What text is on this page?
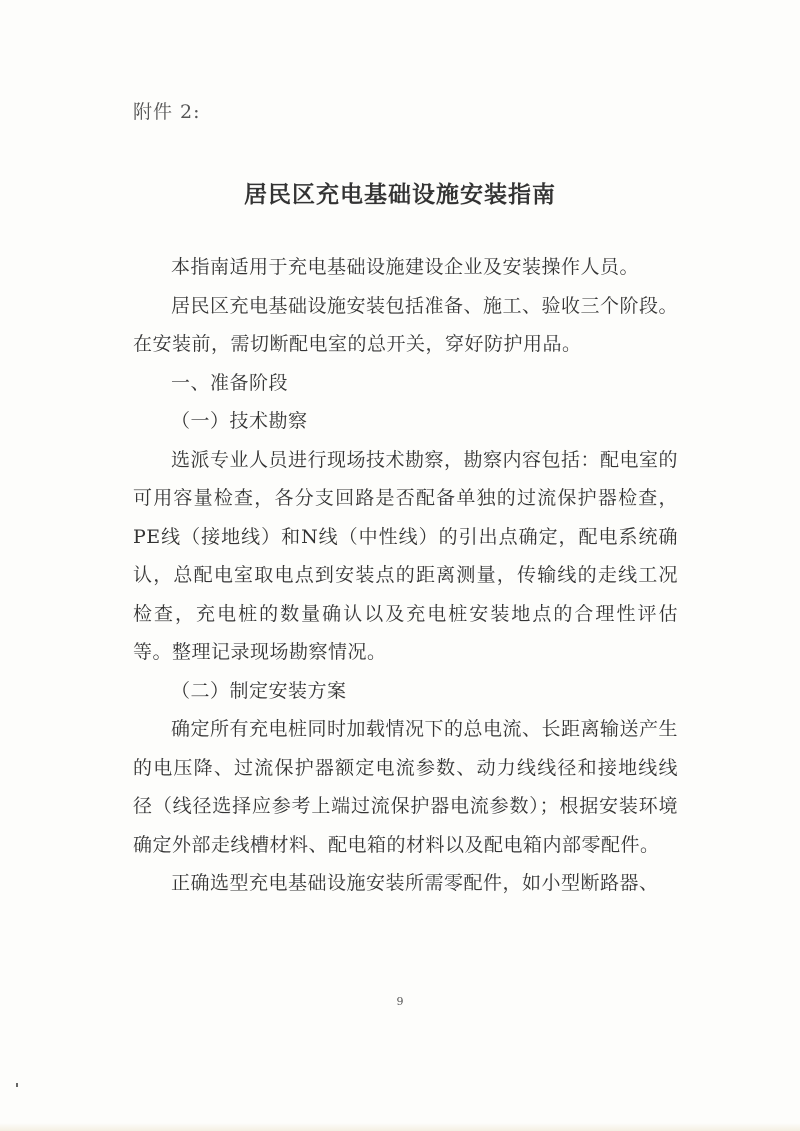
附件 2:
居民区充电基础设施安装指南

本指南适用于充电基础设施建设企业及安装操作人员。

居民区充电基础设施安装包括准备、施工、验收三个阶段。在安装前，需切断配电室的总开关，穿好防护用品。

一、准备阶段

（一）技术勘察

选派专业人员进行现场技术勘察，勘察内容包括：配电室的可用容量检查，各分支回路是否配备单独的过流保护器检查，PE线（接地线）和N线（中性线）的引出点确定，配电系统确认，总配电室取电点到安装点的距离测量，传输线的走线工况检查，充电桩的数量确认以及充电桩安装地点的合理性评估等。整理记录现场勘察情况。

（二）制定安装方案

确定所有充电桩同时加载情况下的总电流、长距离输送产生的电压降、过流保护器额定电流参数、动力线线径和接地线线径（线径选择应参考上端过流保护器电流参数）；根据安装环境确定外部走线槽材料、配电箱的材料以及配电箱内部零配件。

正确选型充电基础设施安装所需零配件，如小型断路器、

9
